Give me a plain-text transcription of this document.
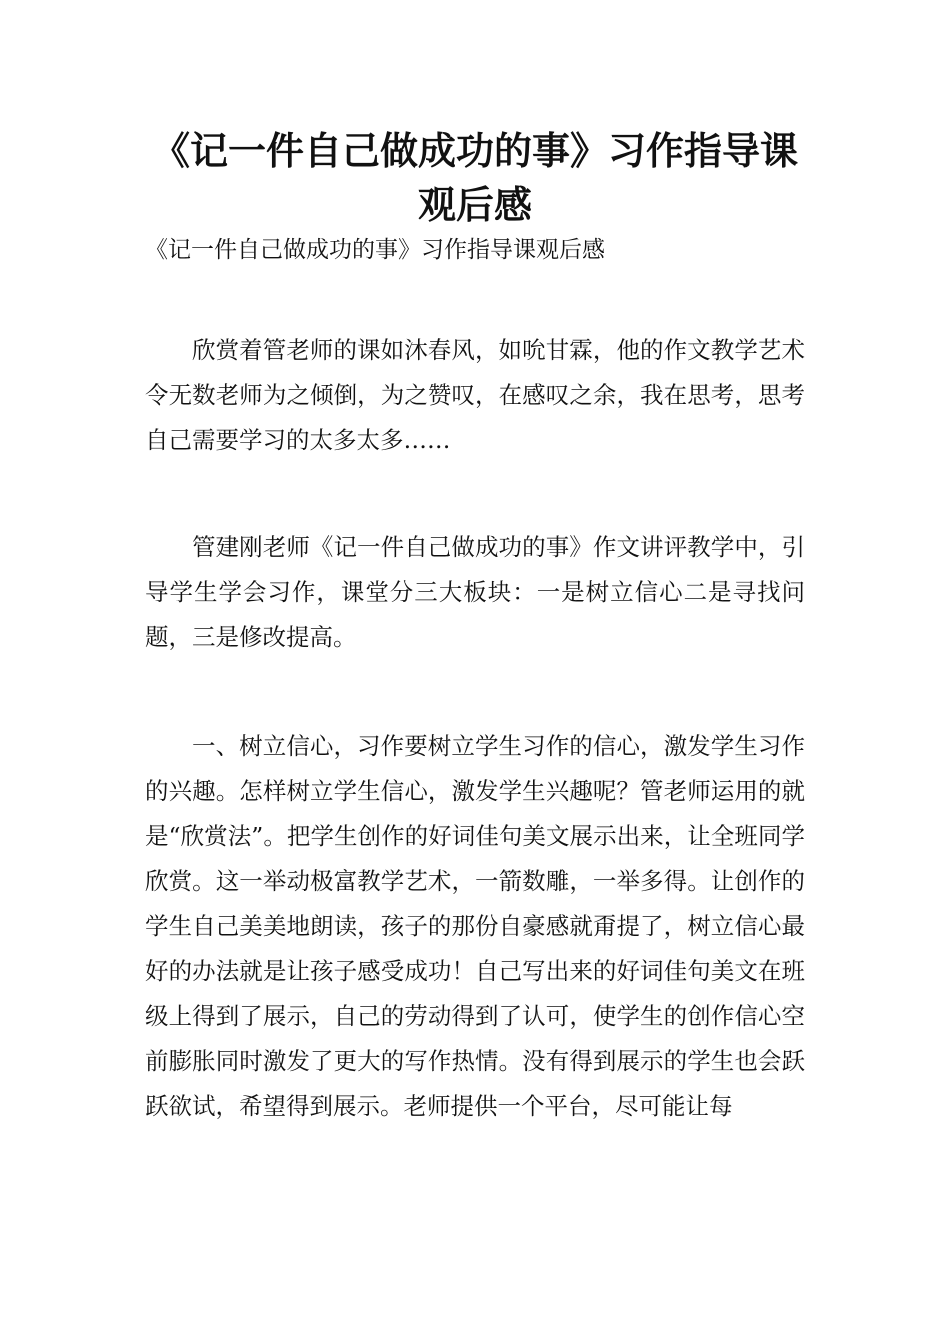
《记一件自己做成功的事》习作指导课观后感

《记一件自己做成功的事》习作指导课观后感

欣赏着管老师的课如沐春风，如吮甘霖，他的作文教学艺术令无数老师为之倾倒，为之赞叹，在感叹之余，我在思考，思考自己需要学习的太多太多……

管建刚老师《记一件自己做成功的事》作文讲评教学中，引导学生学会习作，课堂分三大板块：一是树立信心二是寻找问题，三是修改提高。

一、树立信心，习作要树立学生习作的信心，激发学生习作的兴趣。怎样树立学生信心，激发学生兴趣呢？管老师运用的就是“欣赏法”。把学生创作的好词佳句美文展示出来，让全班同学欣赏。这一举动极富教学艺术，一箭数雕，一举多得。让创作的学生自己美美地朗读，孩子的那份自豪感就甭提了，树立信心最好的办法就是让孩子感受成功！自己写出来的好词佳句美文在班级上得到了展示，自己的劳动得到了认可，使学生的创作信心空前膨胀同时激发了更大的写作热情。没有得到展示的学生也会跃跃欲试，希望得到展示。老师提供一个平台，尽可能让每
